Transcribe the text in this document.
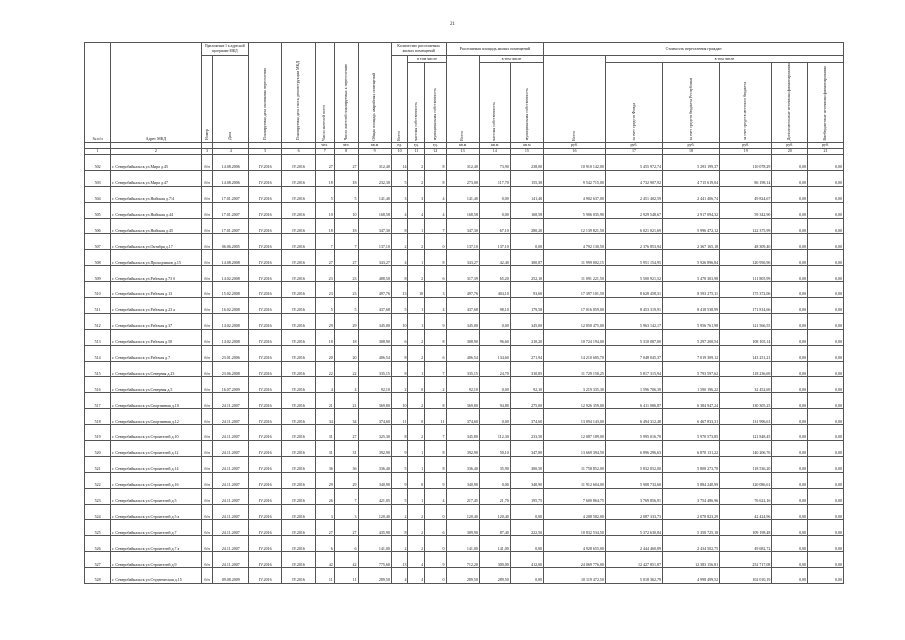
21
№ п/п	Адрес МКД	Приложение 1 к адресной программе МКД		Планируемая дата окончания переселения	Планируемая дата сноса, реконструкции МКД	Число жителей всего	Число жителей планируемых к переселению	Общая площадь аварийных помещений	Количество расселяемых жилых помещений			Расселяемая площадь жилых помещений			Стоимость переселения граждан					
		Номер	Дата						Всего	в том числе		Всего	в том числе		Всего	в том числе				
										частная собственность	муниципальная собственность		частная собственность	муниципальная собственность		за счет средств Фонда	за счет средств бюджета Республики	за счет средств местного бюджета	Дополнительные источники финансирования	Внебюджетные источники финансирования
						чел.	чел.	кв.м	ед.	ед.	ед.	кв.м	кв.м	кв.м	руб.	руб.	руб.	руб.	руб.	руб.
1	2	3	4	5	6	7	8	9	10	11	12	13	14	15	16	17	18	19	20	21
502	г. Северобайкальск ул.Мира д.45	б/н	14.08.2006	IV.2016	IV.2016	27	27	312,40	14	2	8	312,40	73,90	238,00	10 910 142,00	5 455 972,74	5 293 199,37	110 078,29	0,00	0,00
503	г. Северобайкальск ул.Мира д.47	б/н	14.08.2006	IV.2016	IV.2016	18	18	232,30	5	2	8	273,00	117,70	155,30	9 542 715,00	4 732 907,92	4 715 619,04	86 198,14	0,00	0,00
504	г. Северобайкальск ул.Нийская д.7/4	б/н	17.01.2007	IV.2016	IV.2016	5	5	141,40	3	3	4	141,40	0,00	141,40	4 902 637,00	2 451 402,59	2 441 406,74	49 824,67	0,00	0,00
505	г. Северобайкальск ул.Нийская д.44	б/н	17.01.2007	IV.2016	IV.2016	10	10	168,58	4	4	4	168,58	0,00	168,58	5 906 035,90	2 929 548,67	2 917 094,32	59 342,90	0,00	0,00
506	г. Северобайкальск ул.Нийская д.45	б/н	17.01.2007	IV.2016	IV.2016	18	18	347,30	8	1	7	347,30	67,10	280,20	12 139 821,50	6 021 021,69	5 996 472,12	122 375,99	0,00	0,00
507	г. Северобайкальск ул.Октября д.17	б/н	06.06.2005	IV.2016	IV.2016	7	7	137,10	2	2	0	137,10	137,10	0,00	4 792 130,50	2 376 853,94	2 367 165,18	48 309,40	0,00	0,00
508	г. Северобайкальск ул.Проходчиков д.15	б/н	14.08.2008	IV.2016	IV.2016	27	27	343,27	4	1	8	343,27	42,40	300,87	11 999 002,15	5 951 154,95	5 926 896,84	120 956,96	0,00	0,00
509	г. Северобайкальск ул.Рабочая д.73 б	б/н	14.02.2008	IV.2016	IV.2016	23	23	488,50	8	2	6	317,39	65,20	252,10	11 091 221,50	5 500 921,52	5 478 303,98	111 805,99	0,00	0,00
510	г. Северобайкальск ул.Рабочая д.13	б/н	15.02.2008	IV.2016	IV.2016	23	23	497,76	13	10	3	497,76	404,10	93,60	17 397 101,50	8 628 458,31	8 593 275,11	175 372,06	0,00	0,00
511	г. Северобайкальск ул.Рабочая д.23 а	б/н	16.02.2008	IV.2016	IV.2016	5	5	437,68	5	1	4	437,68	98,10	179,58	17 016 059,00	8 453 319,91	8 418 538,99	171 814,66	0,00	0,00
512	г. Северобайкальск ул.Рабочая д.37	б/н	14.02.2008	IV.2016	IV.2016	29	29	345,00	10	1	9	345,00	0,00	345,00	12 050 475,00	5 963 142,17	5 956 761,98	121 566,55	0,00	0,00
513	г. Северобайкальск ул.Рабочая д.50	б/н	14.02.2008	IV.2016	IV.2016	18	18	308,90	6	2	8	308,90	96,60	210,20	10 724 194,00	5 310 087,00	5 297 200,54	108 105,14	0,00	0,00
514	г. Северобайкальск ул.Рабочая д.7	б/н	23.01.2006	IV.2016	IV.2016	20	20	406,54	8	2	6	406,54	134,60	271,94	14 210 605,70	7 048 045,37	7 019 309,12	143 251,21	0,00	0,00
515	г. Северобайкальск ул.Северная д.23	б/н	23.06.2008	IV.2016	IV.2016	22	22	335,15	8	1	7	335,15	24,70	310,85	11 729 150,25	5 817 315,94	5 793 597,62	118 236,69	0,00	0,00
516	г. Северобайкальск ул.Северная д.5	б/н	16.07.2009	IV.2016	IV.2016	4	4	92,10	2	0	2	92,10	0,00	92,10	3 219 335,30	1 596 706,39	1 590 196,22	32 452,69	0,00	0,00
517	г. Северобайкальск ул.Спортивная д.10	б/н	24.11.2007	IV.2016	IV.2016	21	21	369,80	10	2	8	369,80	94,80	275,00	12 926 359,00	6 411 086,87	6 384 947,24	130 305,25	0,00	0,00
518	г. Северобайкальск ул.Спортивная д.12	б/н	24.11.2007	IV.2016	IV.2016	34	34	374,60	11	0	11	374,60	0,00	374,60	13 094 143,00	6 494 312,48	6 467 833,31	131 996,61	0,00	0,00
519	г. Северобайкальск ул.Строителей д.10	б/н	24.11.2007	IV.2016	IV.2016	31	27	325,30	8	2	7	345,80	112,30	233,50	12 087 189,00	5 995 016,70	5 970 573,85	121 848,45	0,00	0,00
520	г. Северобайкальск ул.Строителей д.12	б/н	24.11.2007	IV.2016	IV.2016	31	31	392,90	9	1	8	392,90	50,10	347,80	13 669 394,50	6 896 296,63	6 870 131,22	140 206,76	0,00	0,00
521	г. Северобайкальск ул.Строителей д.14	б/н	24.11.2007	IV.2016	IV.2016	36	36	336,40	5	1	8	336,40	35,90	300,50	11 758 852,00	5 832 052,00	5 808 273,70	118 536,20	0,00	0,00
522	г. Северобайкальск ул.Строителей д.16	б/н	24.11.2007	IV.2016	IV.2016	29	29	340,90	9	0	9	340,90	0,00	340,90	11 912 604,00	5 908 733,60	5 884 240,99	120 086,61	0,00	0,00
523	г. Северобайкальск ул.Строителей д.5	б/н	24.11.2007	IV.2016	IV.2016	26	7	421,05	5	1	4	217,45	21,70	195,75	7 600 864,75	3 769 856,91	3 754 486,96	76 622,16	0,00	0,00
524	г. Северобайкальск ул.Строителей д.5 а	б/н	24.11.2007	IV.2016	IV.2016	3	3	120,40	2	2	0	120,40	120,40	0,00	4 208 582,00	2 087 333,73	2 078 823,29	42 424,96	0,00	0,00
525	г. Северобайкальск ул.Строителей д.7	б/н	24.11.2007	IV.2016	IV.2016	27	27	435,90	8	2	6	309,90	87,40	222,50	10 832 534,50	5 372 630,84	5 350 725,18	109 198,48	0,00	0,00
526	г. Северобайкальск ул.Строителей д.7 а	б/н	24.11.2007	IV.2016	IV.2016	6	6	141,00	2	2	0	141,00	141,00	0,00	4 928 655,00	2 444 460,89	2 434 502,75	49 682,72	0,00	0,00
527	г. Северобайкальск ул.Строителей д.9	б/н	24.11.2007	IV.2016	IV.2016	42	42	775,60	13	4	9	712,20	300,00	412,00	24 069 776,00	12 427 851,87	12 383 156,81	252 717,08	0,00	0,00
528	г. Северобайкальск ул.Студенческая д.15	б/н	09.08.2009	IV.2016	IV.2016	11	11	289,50	4	4	0	289,50	289,50	0,00	10 119 472,50	5 018 362,79	4 998 499,52	102 010,19	0,00	0,00
